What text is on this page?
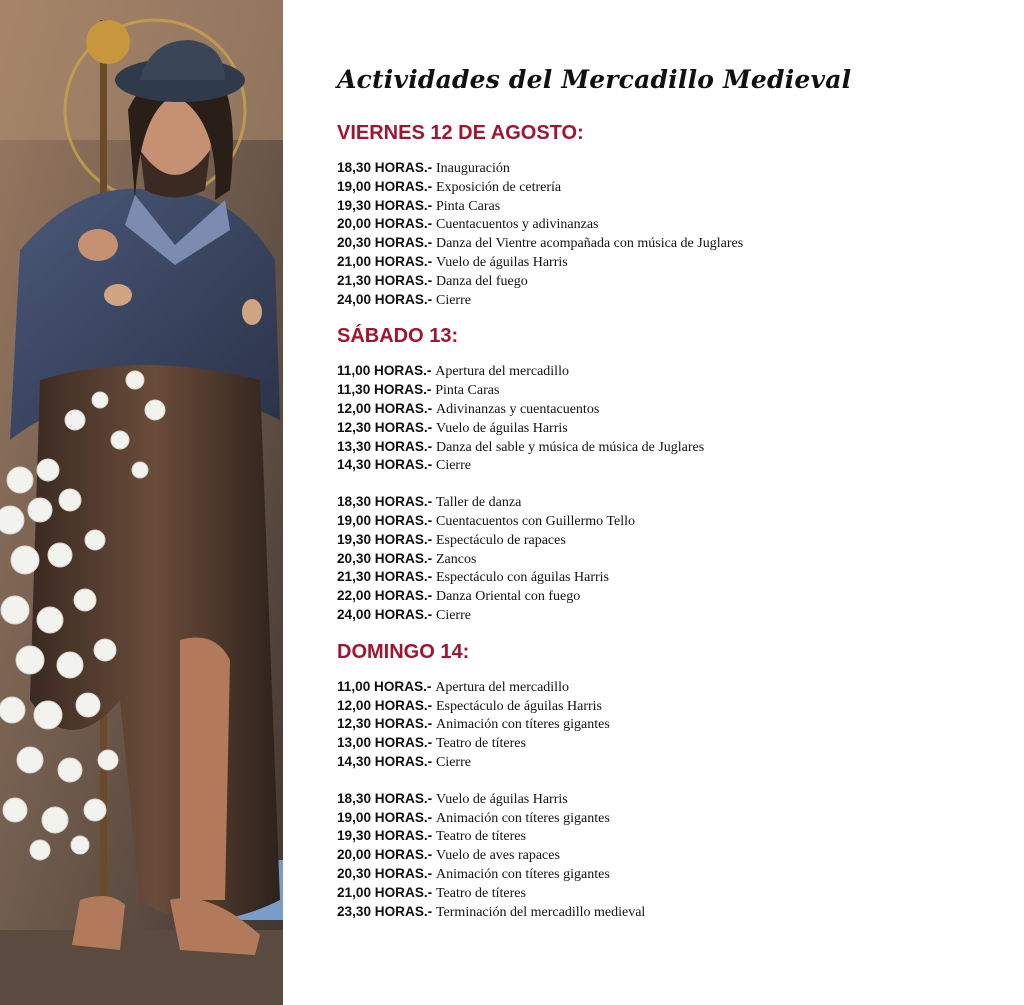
Actividades del Mercadillo Medieval
VIERNES 12 DE AGOSTO:
18,30 HORAS.- Inauguración
19,00 HORAS.- Exposición de cetrería
19,30 HORAS.- Pinta Caras
20,00 HORAS.- Cuentacuentos y adivinanzas
20,30 HORAS.- Danza del Vientre acompañada con música de Juglares
21,00 HORAS.- Vuelo de águilas Harris
21,30 HORAS.- Danza del fuego
24,00 HORAS.- Cierre
SÁBADO 13:
11,00 HORAS.- Apertura del mercadillo
11,30 HORAS.- Pinta Caras
12,00 HORAS.- Adivinanzas y cuentacuentos
12,30 HORAS.- Vuelo de águilas Harris
13,30 HORAS.- Danza del sable y música de música de Juglares
14,30 HORAS.- Cierre
18,30 HORAS.- Taller de danza
19,00 HORAS.- Cuentacuentos con Guillermo Tello
19,30 HORAS.- Espectáculo de rapaces
20,30 HORAS.- Zancos
21,30 HORAS.- Espectáculo con águilas Harris
22,00 HORAS.- Danza Oriental con fuego
24,00 HORAS.- Cierre
DOMINGO 14:
11,00 HORAS.- Apertura del mercadillo
12,00 HORAS.- Espectáculo de águilas Harris
12,30 HORAS.- Animación con títeres gigantes
13,00 HORAS.- Teatro de títeres
14,30 HORAS.- Cierre
18,30 HORAS.- Vuelo de águilas Harris
19,00 HORAS.- Animación con títeres gigantes
19,30 HORAS.- Teatro de títeres
20,00 HORAS.- Vuelo de aves rapaces
20,30 HORAS.- Animación con títeres gigantes
21,00 HORAS.- Teatro de títeres
23,30 HORAS.- Terminación del mercadillo medieval
